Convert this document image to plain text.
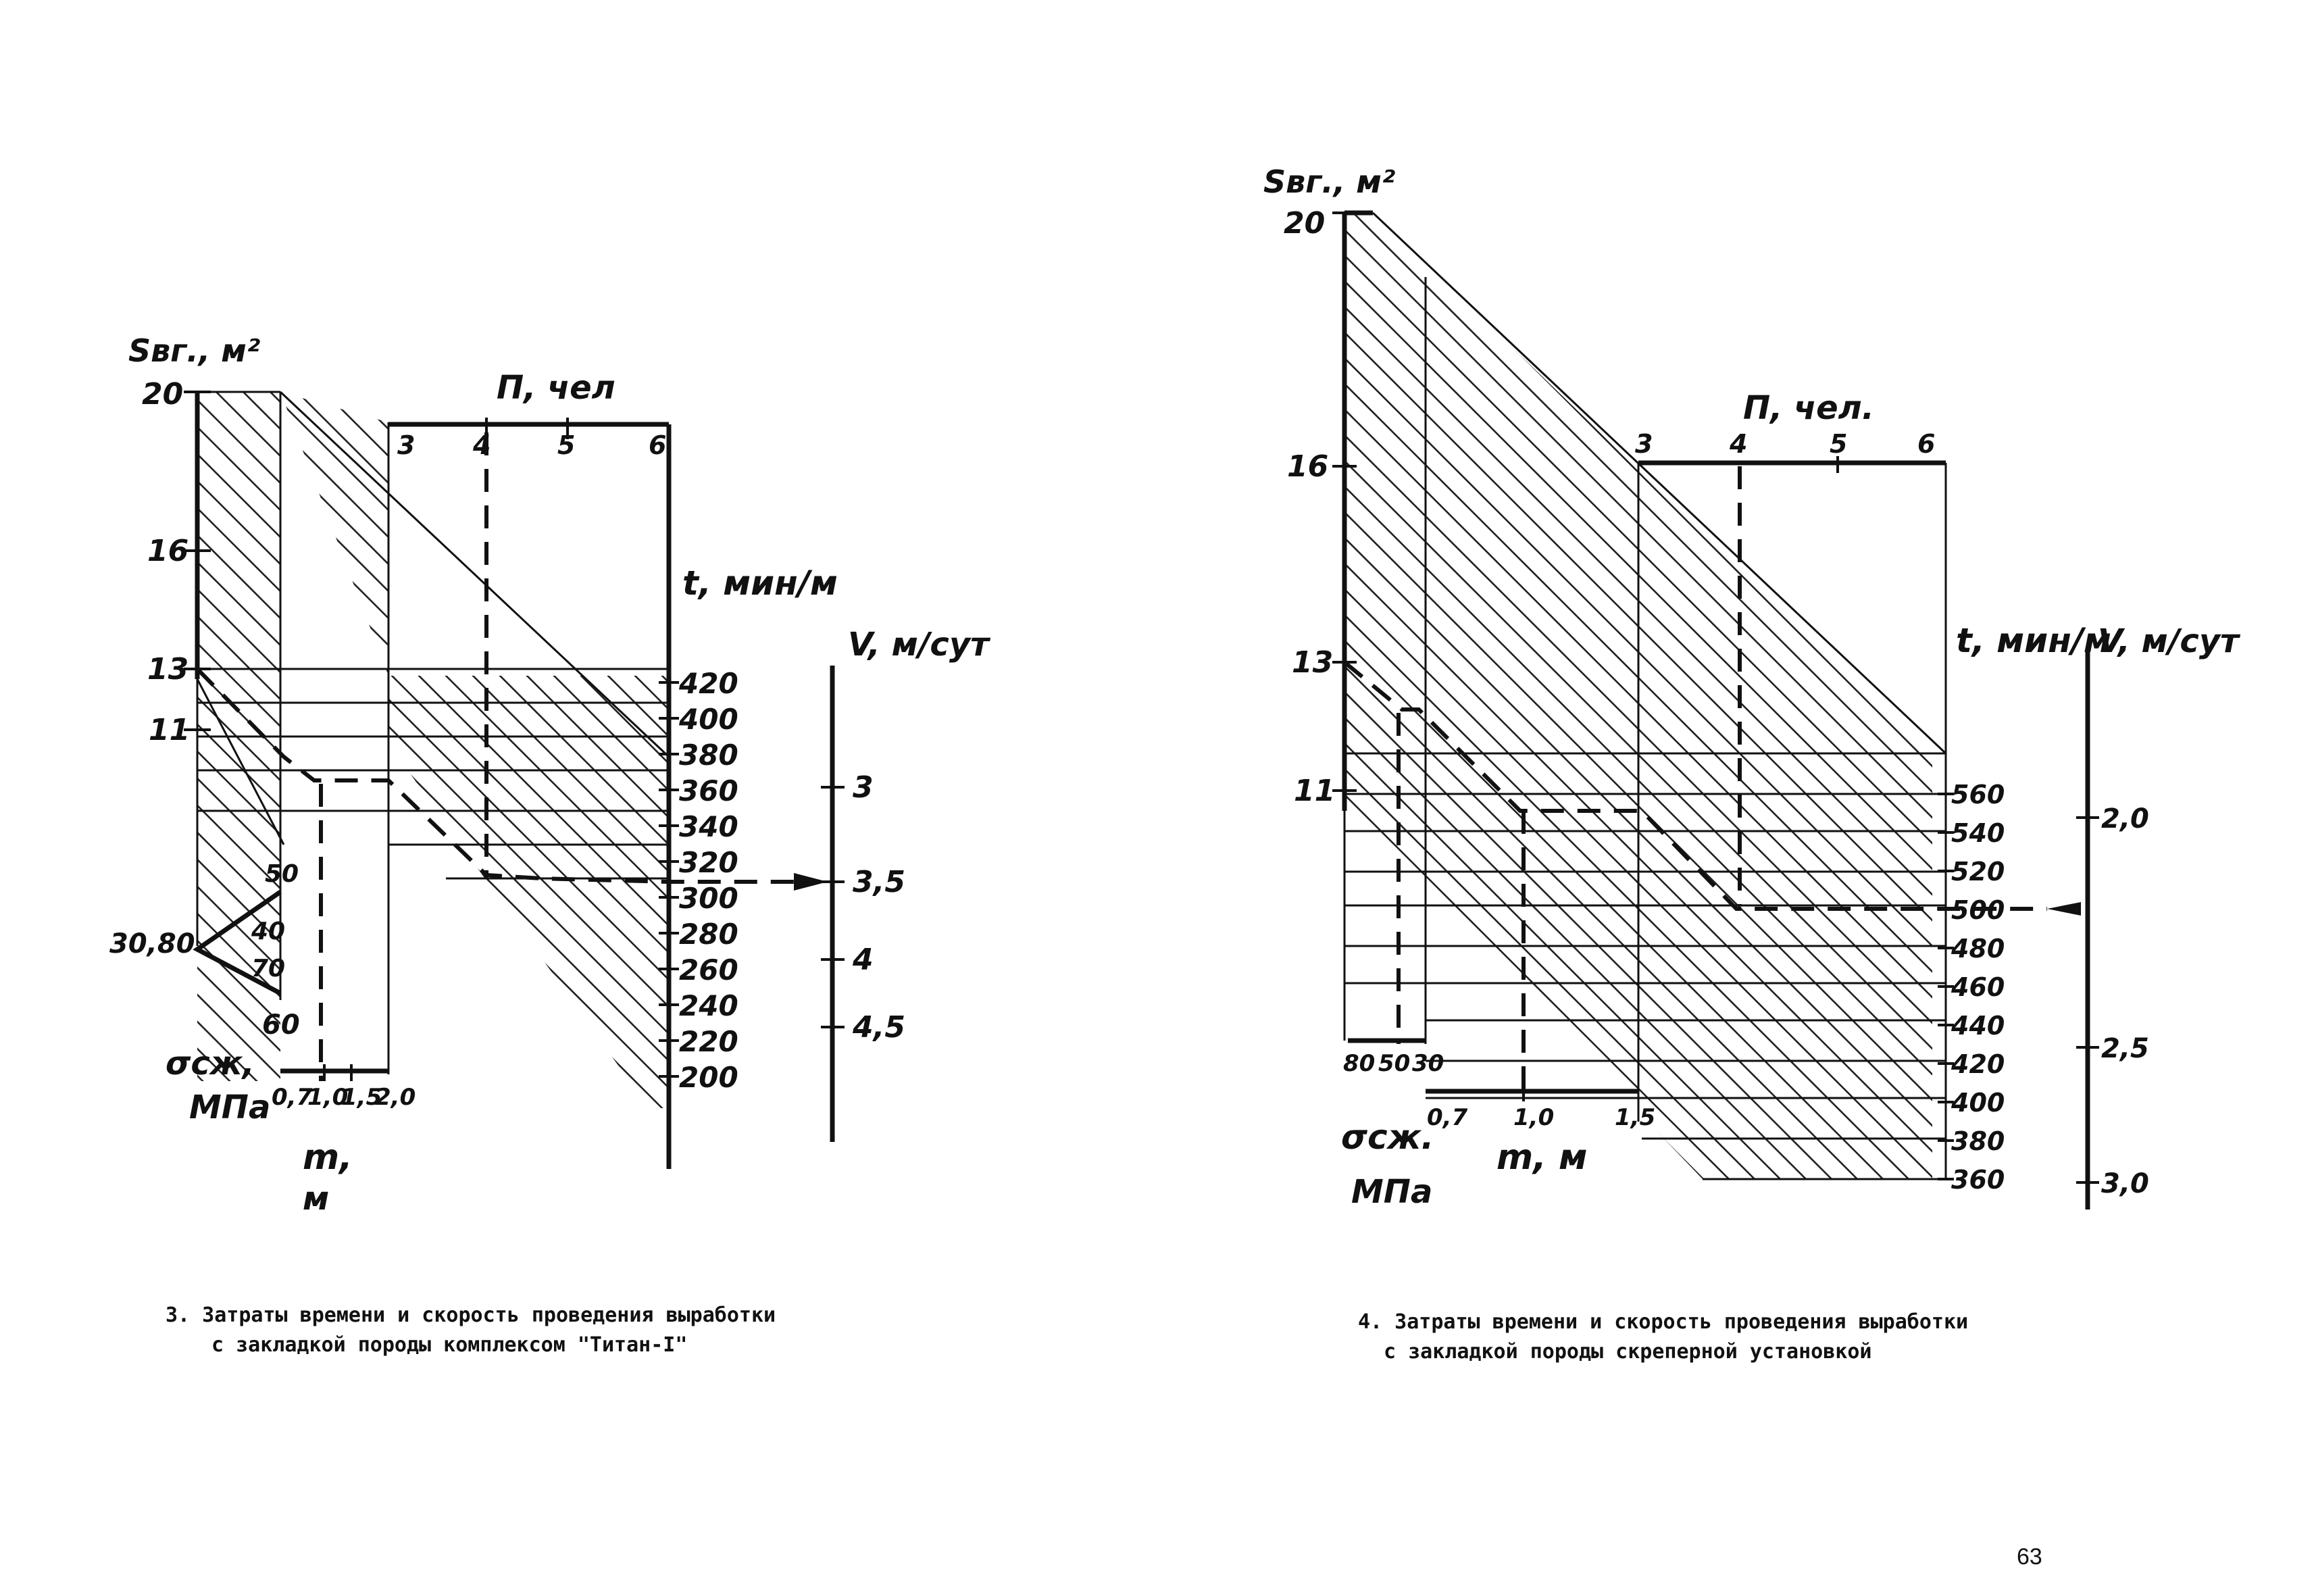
Sвг., м²
20
16
13
11
30,80
50
40
70
60
σсж,
МПа 0,7
1,0
1,5
2,0
m,
м
П, чел
3 4	5	6
t, мин/м
420
400
380
360
340
320
300
280
260
240
220
200
V, м/сут
3
3,5
4
4,5
Sвг., м²
20
16
13
11
80 50 30
σсж.
МПа
0,7 1,0	1,5
m, м
П, чел.
3	4	5	6
t, мин/м
560
540
520
500
480
460
440
420
400
380
360
V, м/сут
2,0
2,5
3,0
3. Затраты времени и скорость проведения выработки
с закладкой породы комплексом "Титан-I"
4. Затраты времени и скорость проведения выработки
с закладкой породы скреперной установкой
63
